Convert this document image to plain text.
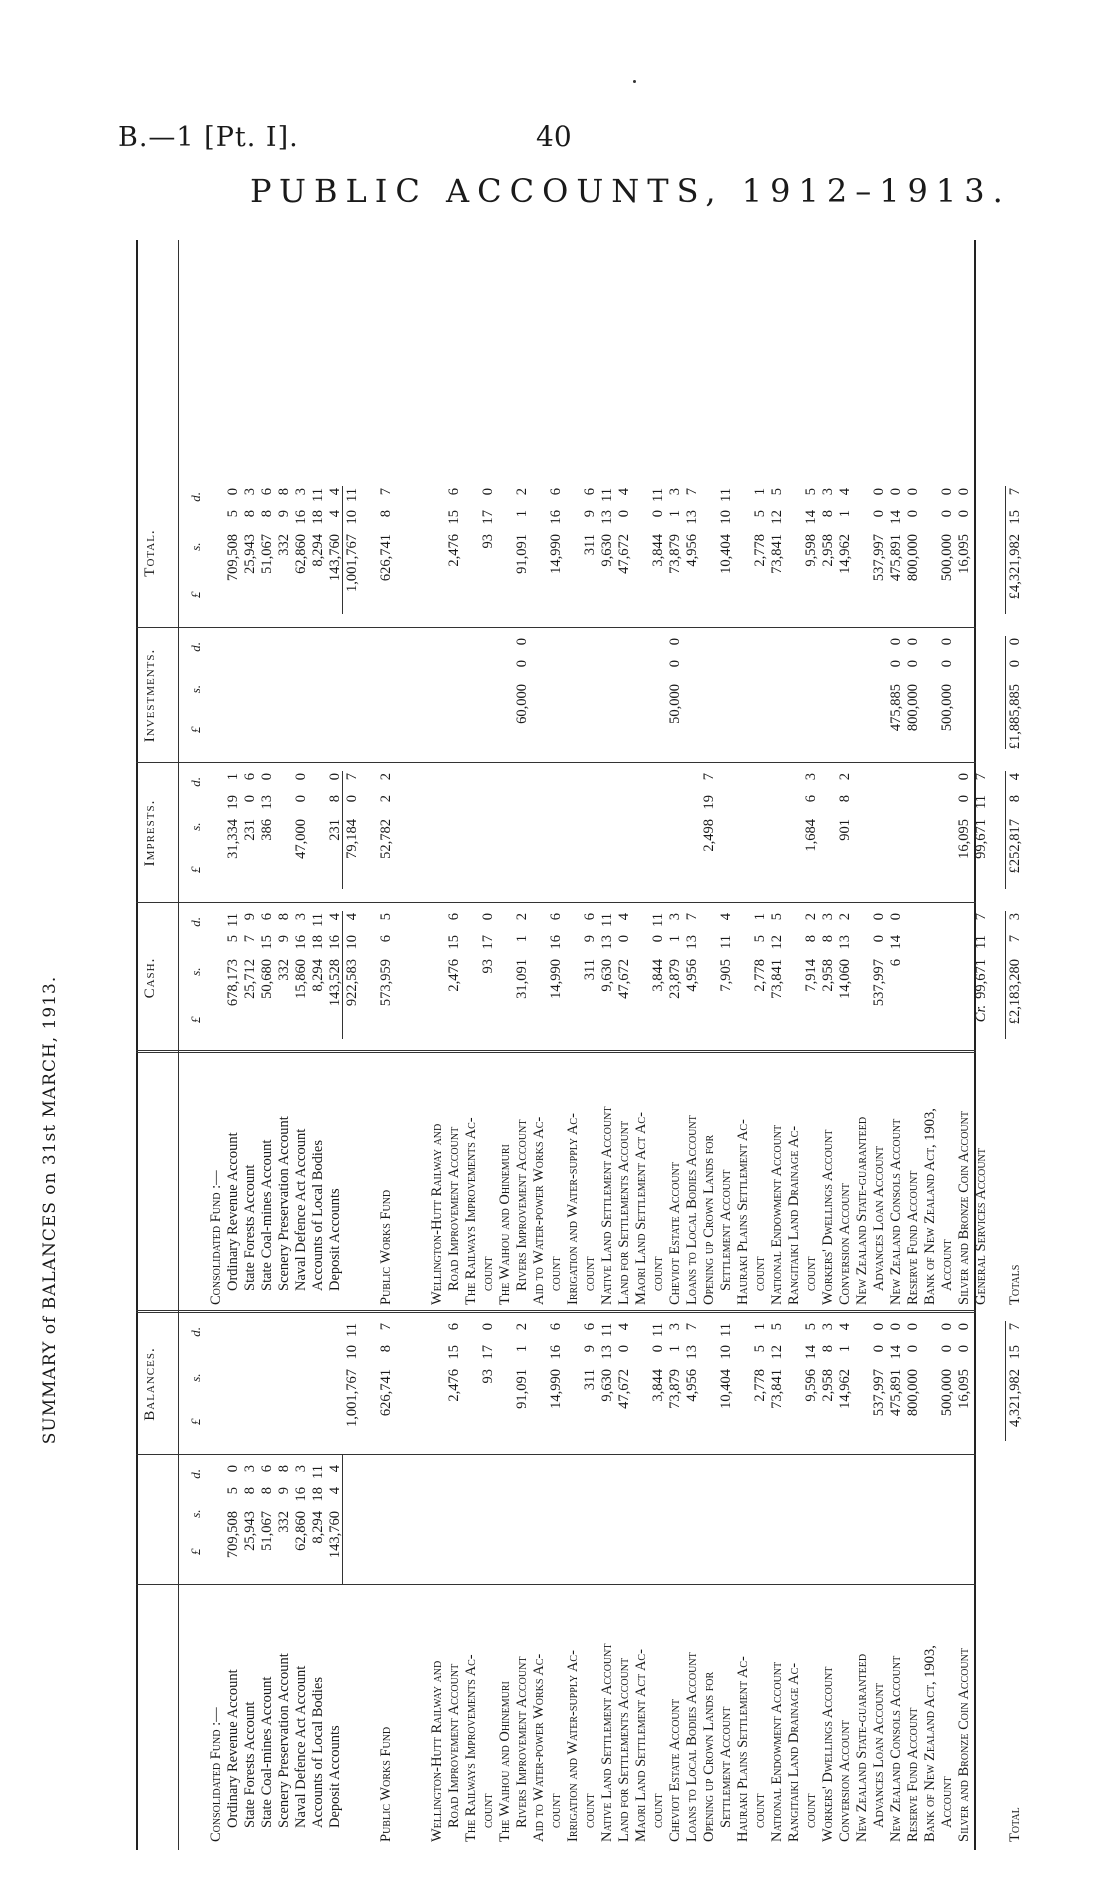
B.—1 [Pt. I].	40
PUBLIC ACCOUNTS, 1912–1913.
SUMMARY of BALANCES on 31st MARCH, 1913.
Consolidated Fund :— Ordinary Revenue Account State Forests Account State Coal-mines Account Scenery Preservation Account Naval Defence Act Account Accounts of Local Bodies Deposit Accounts Public Works Fund Wellington-Hutt Railway and Road Improvement Account The Railways Improvements Ac- count The Waihou and Ohinemuri Rivers Improvement Account Aid to Water-power Works Ac- count Irrigation and Water-supply Ac- count Native Land Settlement Account Land for Settlements Account Maori Land Settlement Act Ac- count Cheviot Estate Account Loans to Local Bodies Account Opening up Crown Lands for Settlement Account Hauraki Plains Settlement Ac- count National Endowment Account Rangitaiki Land Drainage Ac- count Workers' Dwellings Account Conversion Account New Zealand State-guaranteed Advances Loan Account New Zealand Consols Account Reserve Fund Account Bank of New Zealand Act, 1903, Account Silver and Bronze Coin Account Total
£
s.
d.
709,508
5
0
25,943
8
3
51,067
8
6
332
9
8
62,860
16
3
8,294
18
11
143,760
4
4
Balances.
£
s.
d.
1,001,767
10
11
626,741
8
7
2,476
15
6
93
17
0
91,091
1
2
14,990
16
6
311
9
6
9,630
13
11
47,672
0
4
3,844
0
11
73,879
1
3
4,956
13
7
10,404
10
11
2,778
5
1
73,841
12
5
9,596
14
5
2,958
8
3
14,962
1
4
537,997
0
0
475,891
14
0
800,000
0
0
500,000
0
0
16,095
0
0
4,321,982
15
7
Consolidated Fund :— Ordinary Revenue Account State Forests Account State Coal-mines Account Scenery Preservation Account Naval Defence Act Account Accounts of Local Bodies Deposit Accounts Public Works Fund Wellington-Hutt Railway and Road Improvement Account The Railways Improvements Ac- count The Waihou and Ohinemuri Rivers Improvement Account Aid to Water-power Works Ac- count Irrigation and Water-supply Ac- count Native Land Settlement Account Land for Settlements Account Maori Land Settlement Act Ac- count Cheviot Estate Account Loans to Local Bodies Account Opening up Crown Lands for Settlement Account Hauraki Plains Settlement Ac- count National Endowment Account Rangitaiki Land Drainage Ac- count Workers' Dwellings Account Conversion Account New Zealand State-guaranteed Advances Loan Account New Zealand Consols Account Reserve Fund Account Bank of New Zealand Act, 1903, Account Silver and Bronze Coin Account General Services Account Totals
Cash.
£
s.
d.
678,173
5
11
25,712
7
9
50,680
15
6
332
9
8
15,860
16
3
8,294
18
11
143,528
16
4
922,583
10
4
573,959
6
5
2,476
15
6
93
17
0
31,091
1
2
14,990
16
6
311
9
6
9,630
13
11
47,672
0
4
3,844
0
11
23,879
1
3
4,956
13
7
7,905
11
4
2,778
5
1
73,841
12
5
7,914
8
2
2,958
8
3
14,060
13
2
537,997
0
0
6
14
0
Cr.
99,671
11
7
£2,183,280
7
3
Imprests.
£
s.
d.
31,334
19
1
231
0
6
386
13
0
47,000
0
0
231
8
0
79,184
0
7
52,782
2
2
2,498
19
7
1,684
6
3
901
8
2
16,095
0
0
99,671
11
7
£252,817
8
4
Investments. £
s.
d.
60,000
0
0
50,000
0
0
475,885
0
0
800,000
0
0
500,000
0
0
£1,885,885
0
0
Total.
£
s.
d.
709,508
5
0
25,943
8
3
51,067
8
6
332
9
8
62,860
16
3
8,294
18
11
143,760
4
4
1,001,767
10
11
626,741
8
7
2,476
15
6
93
17
0
91,091
1
2
14,990
16
6
311
9
6
9,630
13
11
47,672
0
4
3,844
0
11
73,879
1
3
4,956
13
7
10,404
10
11
2,778
5
1
73,841
12
5
9,598
14
5
2,958
8
3
14,962
1
4
537,997
0
0
475,891
14
0
800,000
0
0
500,000
0
0
16,095
0
0
£4,321,982
15
7
